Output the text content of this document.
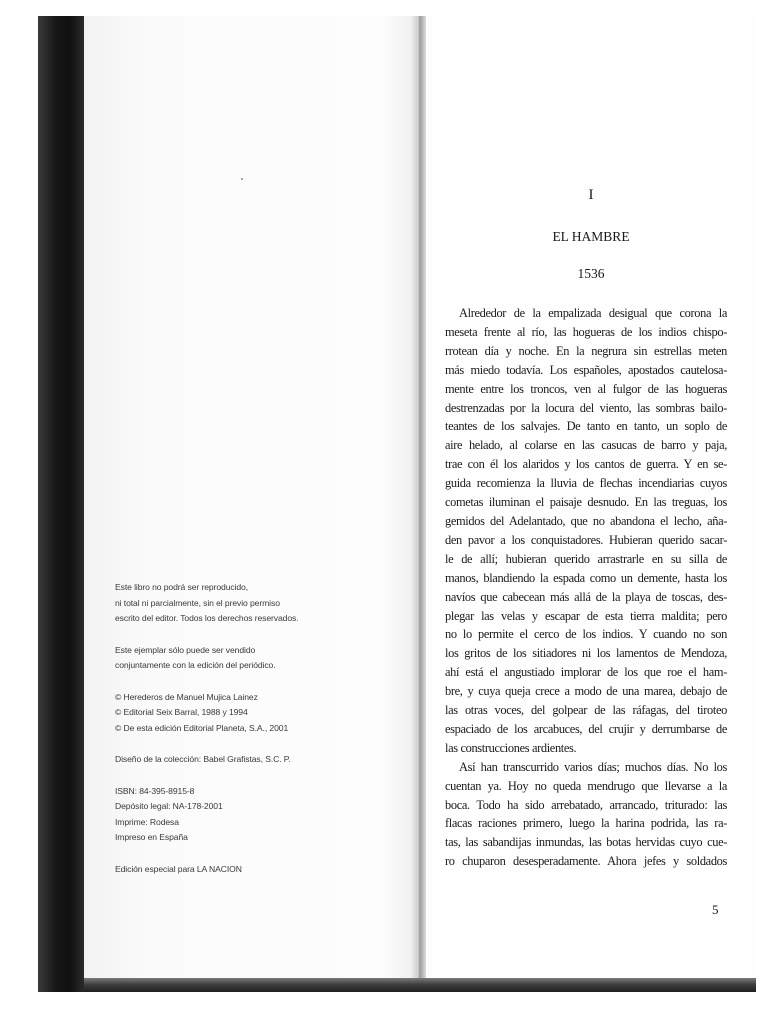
Este libro no podrá ser reproducido,
ni total ni parcialmente, sin el previo permiso
escrito del editor. Todos los derechos reservados.
Este ejemplar sólo puede ser vendido
conjuntamente con la edición del periódico.
© Herederos de Manuel Mujica Lainez
© Editorial Seix Barral, 1988 y 1994
© De esta edición Editorial Planeta, S.A., 2001
Diseño de la colección: Babel Grafistas, S.C. P.
ISBN: 84-395-8915-8
Depósito legal: NA-178-2001
Imprime: Rodesa
Impreso en España
Edición especial para LA NACION
I
EL HAMBRE
1536
Alrededor de la empalizada desigual que corona la
meseta frente al río, las hogueras de los indios chispo-
rrotean día y noche. En la negrura sin estrellas meten
más miedo todavía. Los españoles, apostados cautelosa-
mente entre los troncos, ven al fulgor de las hogueras
destrenzadas por la locura del viento, las sombras bailo-
teantes de los salvajes. De tanto en tanto, un soplo de
aire helado, al colarse en las casucas de barro y paja,
trae con él los alaridos y los cantos de guerra. Y en se-
guida recomienza la lluvia de flechas incendiarias cuyos
cometas iluminan el paisaje desnudo. En las treguas, los
gemidos del Adelantado, que no abandona el lecho, aña-
den pavor a los conquistadores. Hubieran querido sacar-
le de allí; hubieran querido arrastrarle en su silla de
manos, blandiendo la espada como un demente, hasta los
navíos que cabecean más allá de la playa de toscas, des-
plegar las velas y escapar de esta tierra maldita; pero
no lo permite el cerco de los indios. Y cuando no son
los gritos de los sitiadores ni los lamentos de Mendoza,
ahí está el angustiado implorar de los que roe el ham-
bre, y cuya queja crece a modo de una marea, debajo de
las otras voces, del golpear de las ráfagas, del tiroteo
espaciado de los arcabuces, del crujir y derrumbarse de
las construcciones ardientes.
Así han transcurrido varios días; muchos días. No los
cuentan ya. Hoy no queda mendrugo que llevarse a la
boca. Todo ha sido arrebatado, arrancado, triturado: las
flacas raciones primero, luego la harina podrida, las ra-
tas, las sabandijas inmundas, las botas hervidas cuyo cue-
ro chuparon desesperadamente. Ahora jefes y soldados
5
